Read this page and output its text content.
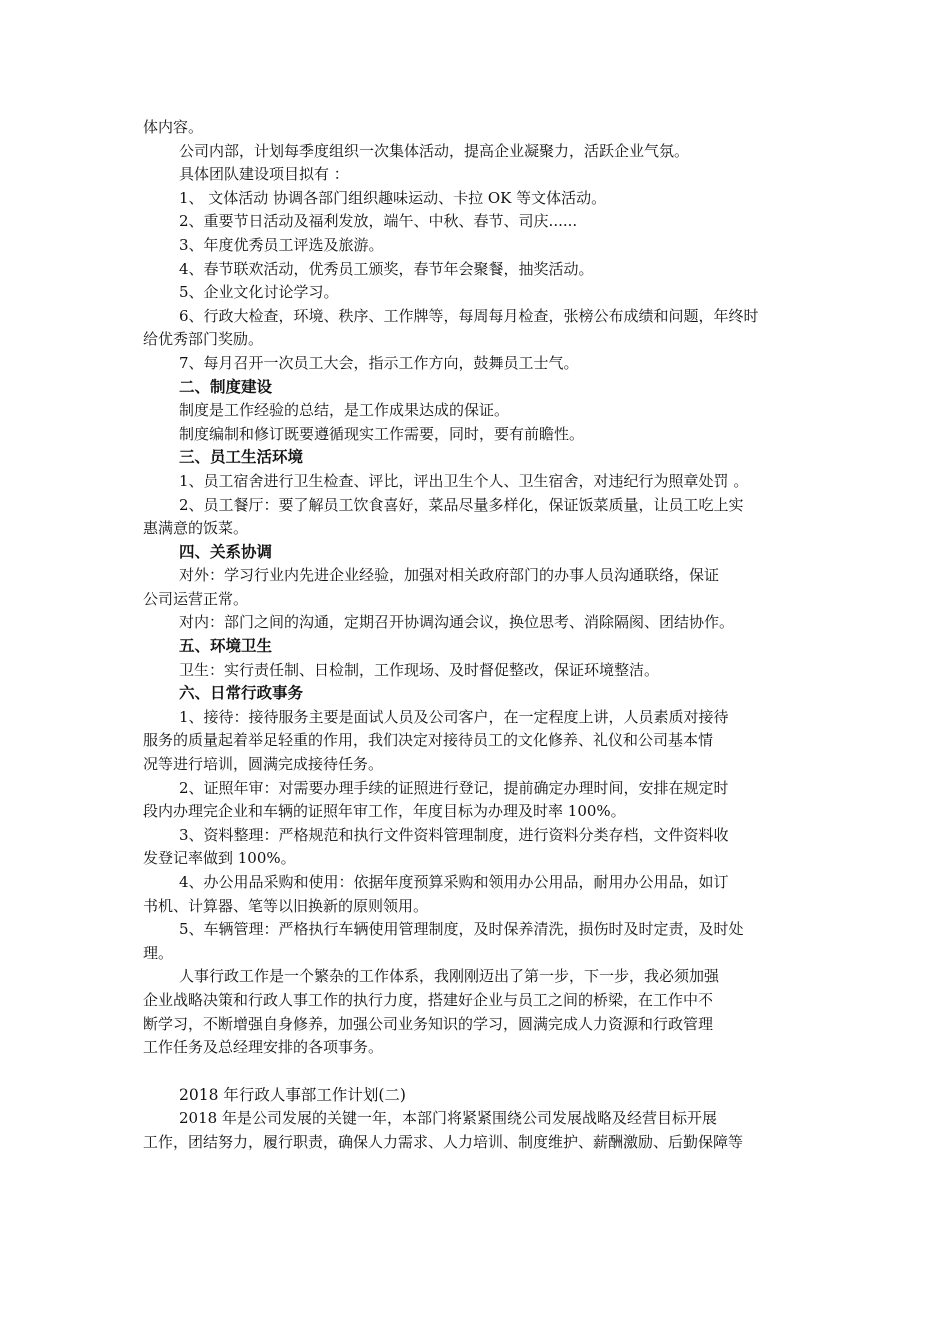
体内容。
公司内部，计划每季度组织一次集体活动，提高企业凝聚力，活跃企业气氛。
具体团队建设项目拟有 ：
1、 文体活动 协调各部门组织趣味运动、卡拉 OK 等文体活动。
2、重要节日活动及福利发放，端午、中秋、春节、司庆......
3、年度优秀员工评选及旅游。
4、春节联欢活动，优秀员工颁奖，春节年会聚餐，抽奖活动。
5、企业文化讨论学习。
6、行政大检查，环境、秩序、工作牌等，每周每月检查，张榜公布成绩和问题，年终时
给优秀部门奖励。
7、每月召开一次员工大会，指示工作方向，鼓舞员工士气。
二、制度建设
制度是工作经验的总结，是工作成果达成的保证。
制度编制和修订既要遵循现实工作需要，同时，要有前瞻性。
三、员工生活环境
1、员工宿舍进行卫生检查、评比，评出卫生个人、卫生宿舍，对违纪行为照章处罚 。
2、员工餐厅：要了解员工饮食喜好，菜品尽量多样化，保证饭菜质量，让员工吃上实
惠满意的饭菜。
四、关系协调
对外：学习行业内先进企业经验，加强对相关政府部门的办事人员沟通联络，保证
公司运营正常。
对内：部门之间的沟通，定期召开协调沟通会议，换位思考、消除隔阂、团结协作。
五、环境卫生
卫生：实行责任制、日检制，工作现场、及时督促整改，保证环境整洁。
六、日常行政事务
1、接待：接待服务主要是面试人员及公司客户，在一定程度上讲，人员素质对接待
服务的质量起着举足轻重的作用，我们决定对接待员工的文化修养、礼仪和公司基本情
况等进行培训，圆满完成接待任务。
2、证照年审：对需要办理手续的证照进行登记，提前确定办理时间，安排在规定时
段内办理完企业和车辆的证照年审工作，年度目标为办理及时率 100%。
3、资料整理：严格规范和执行文件资料管理制度，进行资料分类存档，文件资料收
发登记率做到 100%。
4、办公用品采购和使用：依据年度预算采购和领用办公用品，耐用办公用品，如订
书机、计算器、笔等以旧换新的原则领用。
5、车辆管理：严格执行车辆使用管理制度，及时保养清洗，损伤时及时定责，及时处
理。
人事行政工作是一个繁杂的工作体系，我刚刚迈出了第一步，下一步，我必须加强
企业战略决策和行政人事工作的执行力度，搭建好企业与员工之间的桥梁，在工作中不
断学习，不断增强自身修养，加强公司业务知识的学习，圆满完成人力资源和行政管理
工作任务及总经理安排的各项事务。
2018 年行政人事部工作计划(二)
2018 年是公司发展的关键一年，本部门将紧紧围绕公司发展战略及经营目标开展
工作，团结努力，履行职责，确保人力需求、人力培训、制度维护、薪酬激励、后勤保障等
